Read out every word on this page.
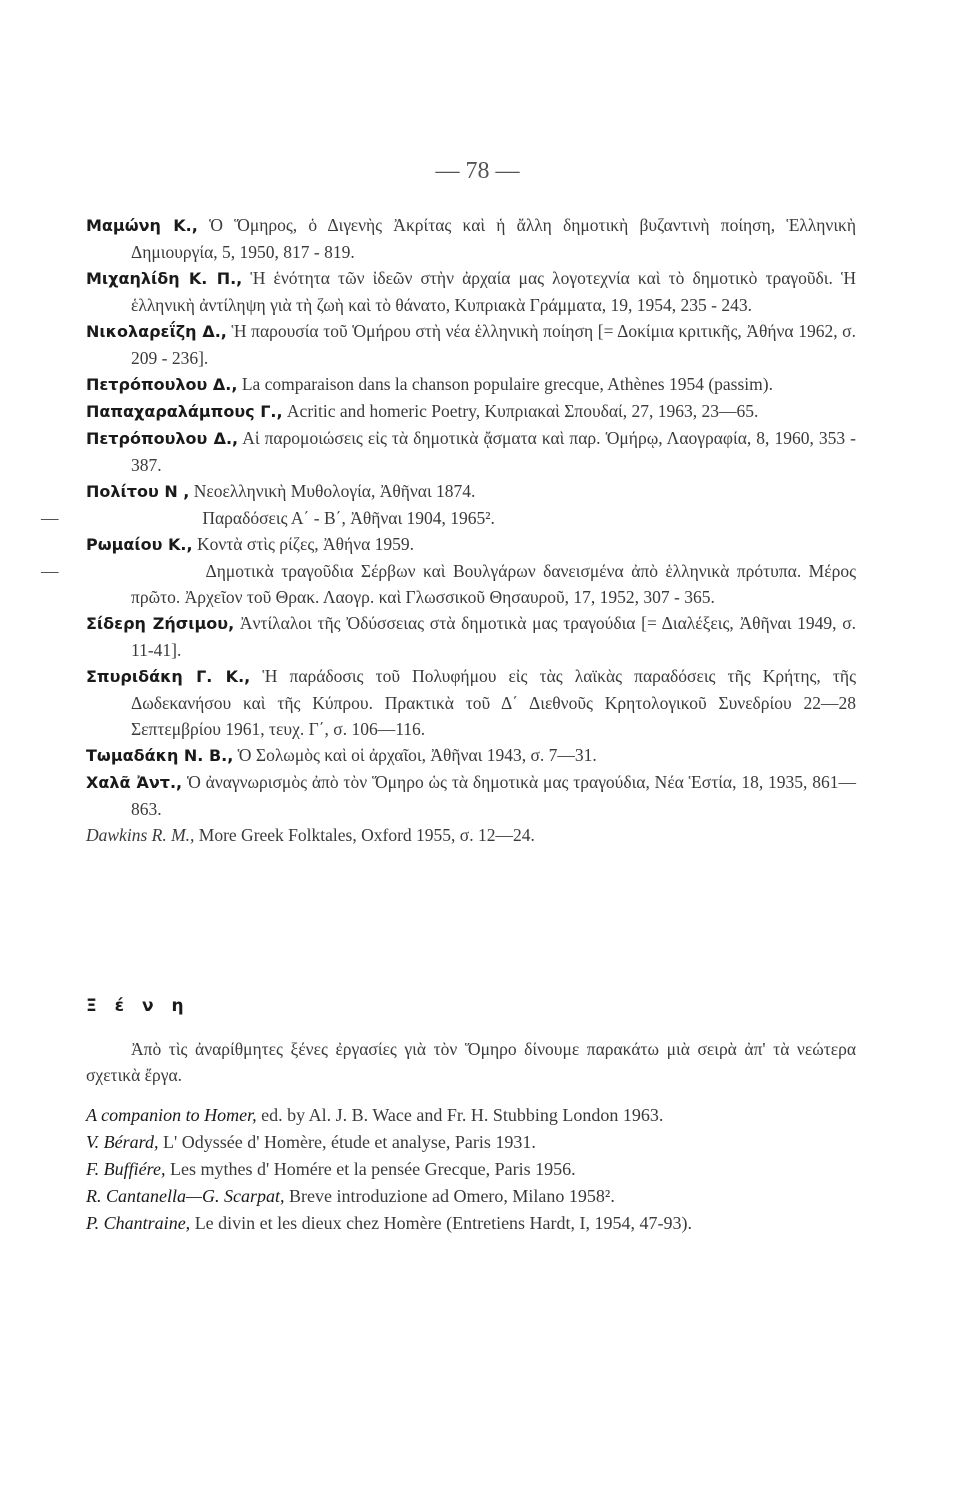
— 78 —

Μαμώνη Κ., Ὁ Ὅμηρος, ὁ Διγενὴς Ἀκρίτας καὶ ἡ ἄλλη δημοτικὴ βυζαντινὴ ποίηση, Ἑλληνικὴ Δημιουργία, 5, 1950, 817 - 819.

Μιχαηλίδη Κ. Π., Ἡ ἑνότητα τῶν ἰδεῶν στὴν ἀρχαία μας λογοτεχνία καὶ τὸ δημοτικὸ τραγοῦδι. Ἡ ἑλληνικὴ ἀντίληψη γιὰ τὴ ζωὴ καὶ τὸ θάνατο, Κυπριακὰ Γράμματα, 19, 1954, 235 - 243.

Νικολαρεΐζη Δ., Ἡ παρουσία τοῦ Ὁμήρου στὴ νέα ἑλληνικὴ ποίηση [= Δοκίμια κριτικῆς, Ἀθήνα 1962, σ. 209 - 236].

Πετρόπουλου Δ., La comparaison dans la chanson populaire grecque, Athènes 1954 (passim).

Παπαχαραλάμπους Γ., Acritic and homeric Poetry, Κυπριακαὶ Σπουδαί, 27, 1963, 23—65.

Πετρόπουλου Δ., Αἱ παρομοιώσεις εἰς τὰ δημοτικὰ ᾄσματα καὶ παρ. Ὁμήρῳ, Λαογραφία, 8, 1960, 353 - 387.

Πολίτου Ν , Νεοελληνικὴ Μυθολογία, Ἀθῆναι 1874.

—	Παραδόσεις Α΄ - Β΄, Ἀθῆναι 1904, 1965².

Ρωμαίου Κ., Κοντὰ στὶς ρίζες, Ἀθήνα 1959.

—	Δημοτικὰ τραγοῦδια Σέρβων καὶ Βουλγάρων δανεισμένα ἀπὸ ἑλληνικὰ πρότυπα. Μέρος πρῶτο. Ἀρχεῖον τοῦ Θρακ. Λαογρ. καὶ Γλωσσικοῦ Θησαυροῦ, 17, 1952, 307 - 365.

Σίδερη Ζήσιμου, Ἀντίλαλοι τῆς Ὀδύσσειας στὰ δημοτικὰ μας τραγούδια [= Διαλέξεις, Ἀθῆναι 1949, σ. 11-41].

Σπυριδάκη Γ. Κ., Ἡ παράδοσις τοῦ Πολυφήμου εἰς τὰς λαϊκὰς παραδόσεις τῆς Κρήτης, τῆς Δωδεκανήσου καὶ τῆς Κύπρου. Πρακτικὰ τοῦ Δ΄ Διεθνοῦς Κρητολογικοῦ Συνεδρίου 22—28 Σεπτεμβρίου 1961, τευχ. Γ΄, σ. 106—116.

Τωμαδάκη Ν. Β., Ὁ Σολωμὸς καὶ οἱ ἀρχαῖοι, Ἀθῆναι 1943, σ. 7—31.

Χαλᾶ Ἀντ., Ὁ ἀναγνωρισμὸς ἀπὸ τὸν Ὅμηρο ὡς τὰ δημοτικὰ μας τραγούδια, Νέα Ἑστία, 18, 1935, 861—863.

Dawkins R. M., More Greek Folktales, Oxford 1955, σ. 12—24.

Ξ έ ν η

Ἀπὸ τὶς ἀναρίθμητες ξένες ἐργασίες γιὰ τὸν Ὅμηρο δίνουμε παρακάτω μιὰ σειρὰ ἀπ' τὰ νεώτερα σχετικὰ ἔργα.

A companion to Homer, ed. by Al. J. B. Wace and Fr. H. Stubbing London 1963.

V. Bérard, L' Odyssée d' Homère, étude et analyse, Paris 1931.

F. Buffiére, Les mythes d' Homére et la pensée Grecque, Paris 1956.

R. Cantanella—G. Scarpat, Breve introduzione ad Omero, Milano 1958².

P. Chantraine, Le divin et les dieux chez Homère (Entretiens Hardt, I, 1954, 47-93).
